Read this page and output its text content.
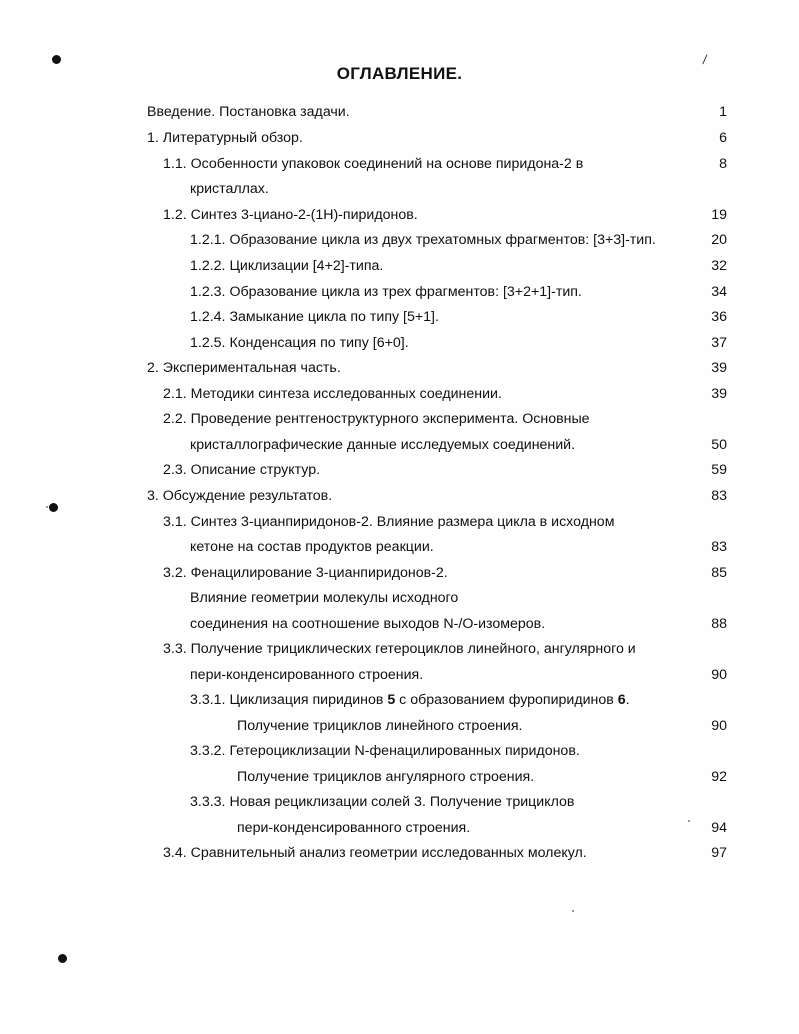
ОГЛАВЛЕНИЕ.
/
Введение. Постановка задачи.	1
1. Литературный обзор.	6
1.1. Особенности упаковок соединений на основе пиридона-2 в	8
кристаллах.
1.2. Синтез 3-циано-2-(1H)-пиридонов.	19
1.2.1. Образование цикла из двух трехатомных фрагментов: [3+3]-тип.	20
1.2.2. Циклизации [4+2]-типа.	32
1.2.3. Образование цикла из трех фрагментов: [3+2+1]-тип.	34
1.2.4. Замыкание цикла по типу [5+1].	36
1.2.5. Конденсация по типу [6+0].	37
2. Экспериментальная часть.	39
2.1. Методики синтеза исследованных соединении.	39
2.2. Проведение рентгеноструктурного эксперимента. Основные
кристаллографические данные исследуемых соединений.	50
2.3. Описание структур.	59
3. Обсуждение результатов.	83
3.1. Синтез 3-цианпиридонов-2. Влияние размера цикла в исходном
кетоне на состав продуктов реакции.	83
3.2. Фенацилирование 3-цианпиридонов-2.	85
Влияние геометрии молекулы исходного
соединения на соотношение выходов N-/O-изомеров.	88
3.3. Получение трициклических гетероциклов линейного, ангулярного и
пери-конденсированного строения.	90
3.3.1. Циклизация пиридинов 5 с образованием фуропиридинов 6.
Получение трициклов линейного строения.	90
3.3.2. Гетероциклизации N-фенацилированных пиридонов.
Получение трициклов ангулярного строения.	92
3.3.3. Новая рециклизации солей 3. Получение трициклов
пери-конденсированного строения.	94
3.4. Сравнительный анализ геометрии исследованных молекул.	97
